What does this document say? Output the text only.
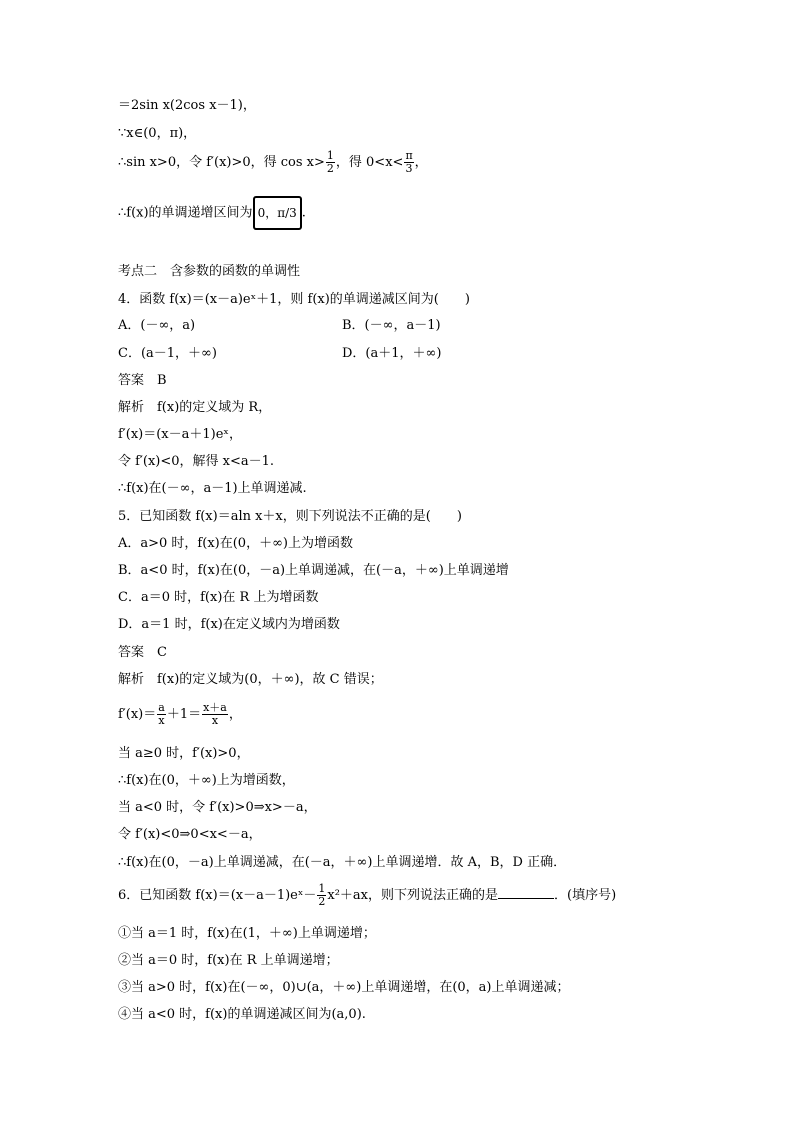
＝2sin x(2cos x－1)，
∵x∈(0，π)，
∴sin x>0，令 f′(x)>0，得 $\cos x> \frac{1}{2}$ ，得 $0<x< \frac{\pi}{3}$ ，
∴f(x)的单调递增区间为 0，π/3 .
考点二　含参数的函数的单调性
4．函数 f(x)＝(x－a)eˣ＋1，则 f(x)的单调递减区间为(　　)
A．(－∞，a)	B．(－∞，a－1)
C．(a－1，＋∞)	D．(a＋1，＋∞)
答案　B
解析　f(x)的定义域为 R，
f′(x)＝(x－a＋1)eˣ，
令 f′(x)<0，解得 x<a－1.
∴f(x)在(－∞，a－1)上单调递减.
5．已知函数 f(x)＝aln x＋x，则下列说法不正确的是(　　)
A．a>0 时，f(x)在(0，＋∞)上为增函数
B．a<0 时，f(x)在(0，－a)上单调递减，在(－a，＋∞)上单调递增
C．a＝0 时，f(x)在 R 上为增函数
D．a＝1 时，f(x)在定义域内为增函数
答案　C
解析　f(x)的定义域为(0，＋∞)，故 C 错误；
$f'(x)= \frac{a}{x} +1= \frac{x+a}{x}$ ，
当 a≥0 时，f′(x)>0，
∴f(x)在(0，＋∞)上为增函数，
当 a<0 时，令 f′(x)>0⇒x>－a，
令 f′(x)<0⇒0<x<－a，
∴f(x)在(0，－a)上单调递减，在(－a，＋∞)上单调递增．故 A，B，D 正确．
6．已知函数 f(x)＝(x－a－1)eˣ－ $\frac{1}{2} x^2+ax$，则下列说法正确的是	．(填序号)
①当 a＝1 时，f(x)在(1，＋∞)上单调递增；
②当 a＝0 时，f(x)在 R 上单调递增；
③当 a>0 时，f(x)在(－∞，0)∪(a，＋∞)上单调递增，在(0，a)上单调递减；
④当 a<0 时，f(x)的单调递减区间为(a,0).
